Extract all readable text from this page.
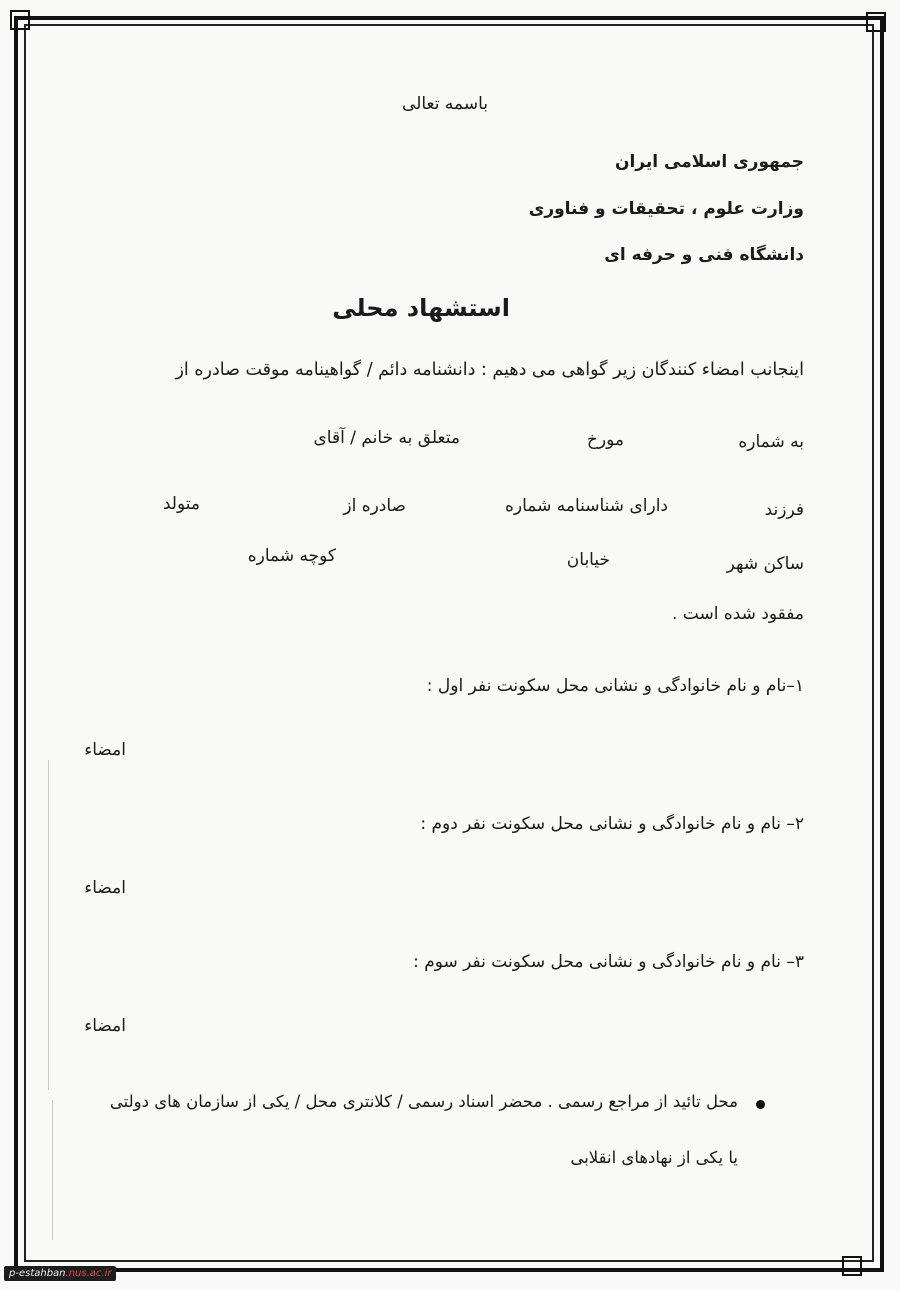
باسمه تعالی
جمهوری اسلامی ایران
وزارت علوم ، تحقیقات و فناوری
دانشگاه فنی و حرفه ای
استشهاد محلی
اینجانب امضاء کنندگان زیر گواهی می دهیم : دانشنامه دائم / گواهینامه موقت صادره از
به شماره
مورخ
متعلق به خانم / آقای
فرزند
دارای شناسنامه شماره
صادره از
متولد
ساکن شهر
خیابان
کوچه شماره
مفقود شده است .
۱–نام و نام خانوادگی و نشانی محل سکونت نفر اول :
امضاء
۲– نام و نام خانوادگی و نشانی محل سکونت نفر دوم :
امضاء
۳– نام و نام خانوادگی و نشانی محل سکونت نفر سوم :
امضاء
محل تائید از مراجع رسمی . محضر اسناد رسمی / کلانتری محل / یکی از سازمان های دولتی
یا یکی از نهادهای انقلابی
p-estahban.nus.ac.ir
